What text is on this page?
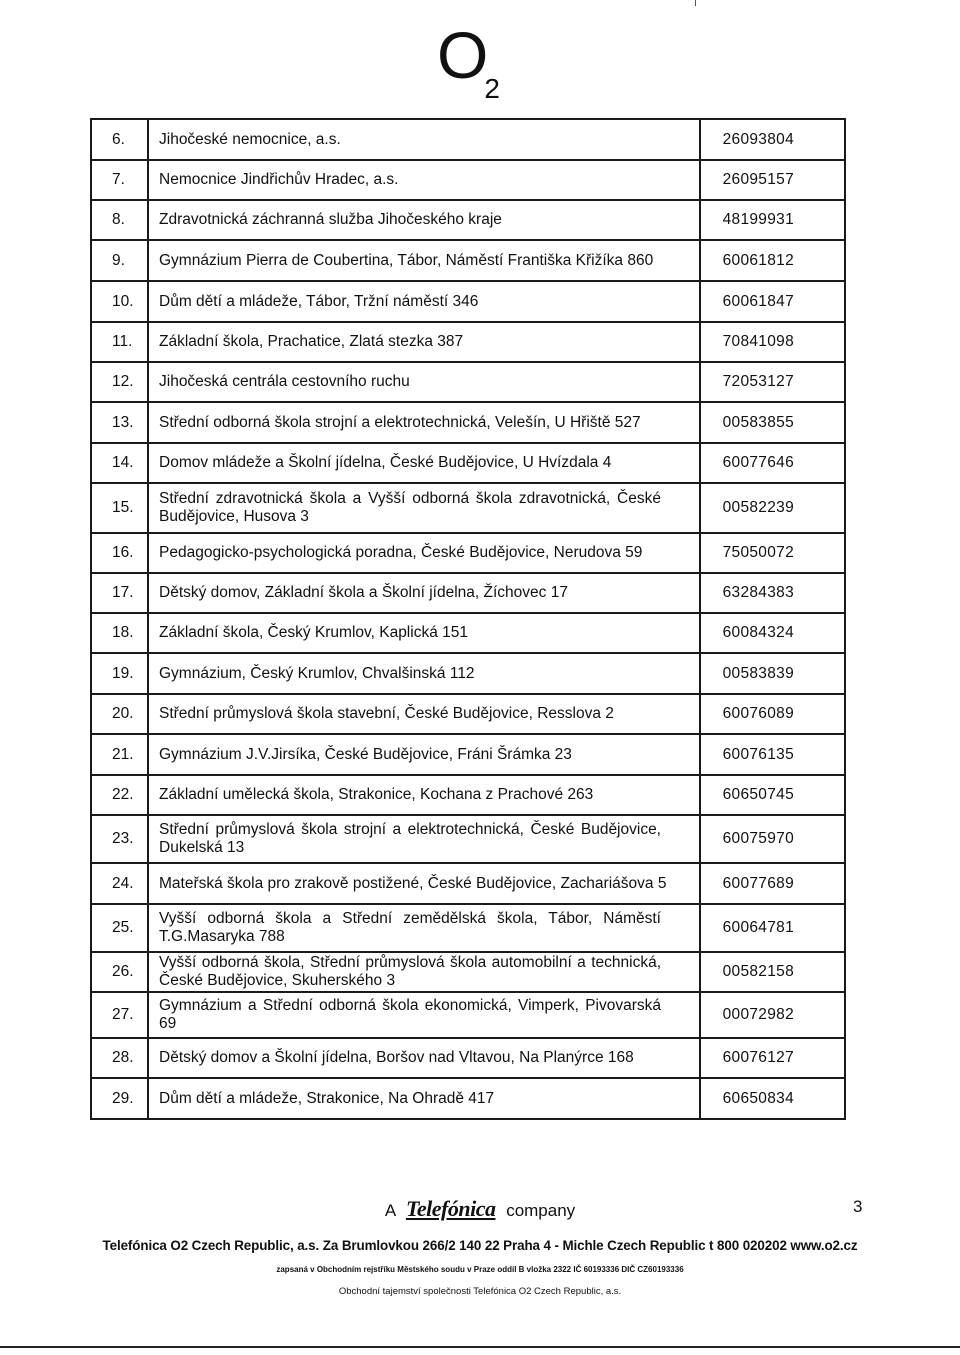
$O_2$
6.	Jihočeské nemocnice, a.s.	26093804
7.	Nemocnice Jindřichův Hradec, a.s.	26095157
8.	Zdravotnická záchranná služba Jihočeského kraje	48199931
9.	Gymnázium Pierra de Coubertina, Tábor, Náměstí Františka Křižíka 860	60061812
10.	Dům dětí a mládeže, Tábor, Tržní náměstí 346	60061847
11.	Základní škola, Prachatice, Zlatá stezka 387	70841098
12.	Jihočeská centrála cestovního ruchu	72053127
13.	Střední odborná škola strojní a elektrotechnická, Velešín, U Hřiště 527	00583855
14.	Domov mládeže a Školní jídelna, České Budějovice, U Hvízdala 4	60077646
15.	Střední zdravotnická škola a Vyšší odborná škola zdravotnická, České Budějovice, Husova 3	00582239
16.	Pedagogicko-psychologická poradna, České Budějovice, Nerudova 59	75050072
17.	Dětský domov, Základní škola a Školní jídelna, Žíchovec 17	63284383
18.	Základní škola, Český Krumlov, Kaplická 151	60084324
19.	Gymnázium, Český Krumlov, Chvalšinská 112	00583839
20.	Střední průmyslová škola stavební, České Budějovice, Resslova 2	60076089
21.	Gymnázium J.V.Jirsíka, České Budějovice, Fráni Šrámka 23	60076135
22.	Základní umělecká škola, Strakonice, Kochana z Prachové 263	60650745
23.	Střední průmyslová škola strojní a elektrotechnická, České Budějovice, Dukelská 13	60075970
24.	Mateřská škola pro zrakově postižené, České Budějovice, Zachariášova 5	60077689
25.	Vyšší odborná škola a Střední zemědělská škola, Tábor, Náměstí T.G.Masaryka 788	60064781
26.	Vyšší odborná škola, Střední průmyslová škola automobilní a technická, České Budějovice, Skuherského 3	00582158
27.	Gymnázium a Střední odborná škola ekonomická, Vimperk, Pivovarská 69	00072982
28.	Dětský domov a Školní jídelna, Boršov nad Vltavou, Na Planýrce 168	60076127
29.	Dům dětí a mládeže, Strakonice, Na Ohradě 417	60650834
A Telefónica company	3
Telefónica O2 Czech Republic, a.s. Za Brumlovkou 266/2 140 22 Praha 4 - Michle Czech Republic t 800 020202 www.o2.cz
zapsaná v Obchodním rejstříku Městského soudu v Praze oddíl B vložka 2322 IČ 60193336 DIČ CZ60193336
Obchodní tajemství společnosti Telefónica O2 Czech Republic, a.s.
